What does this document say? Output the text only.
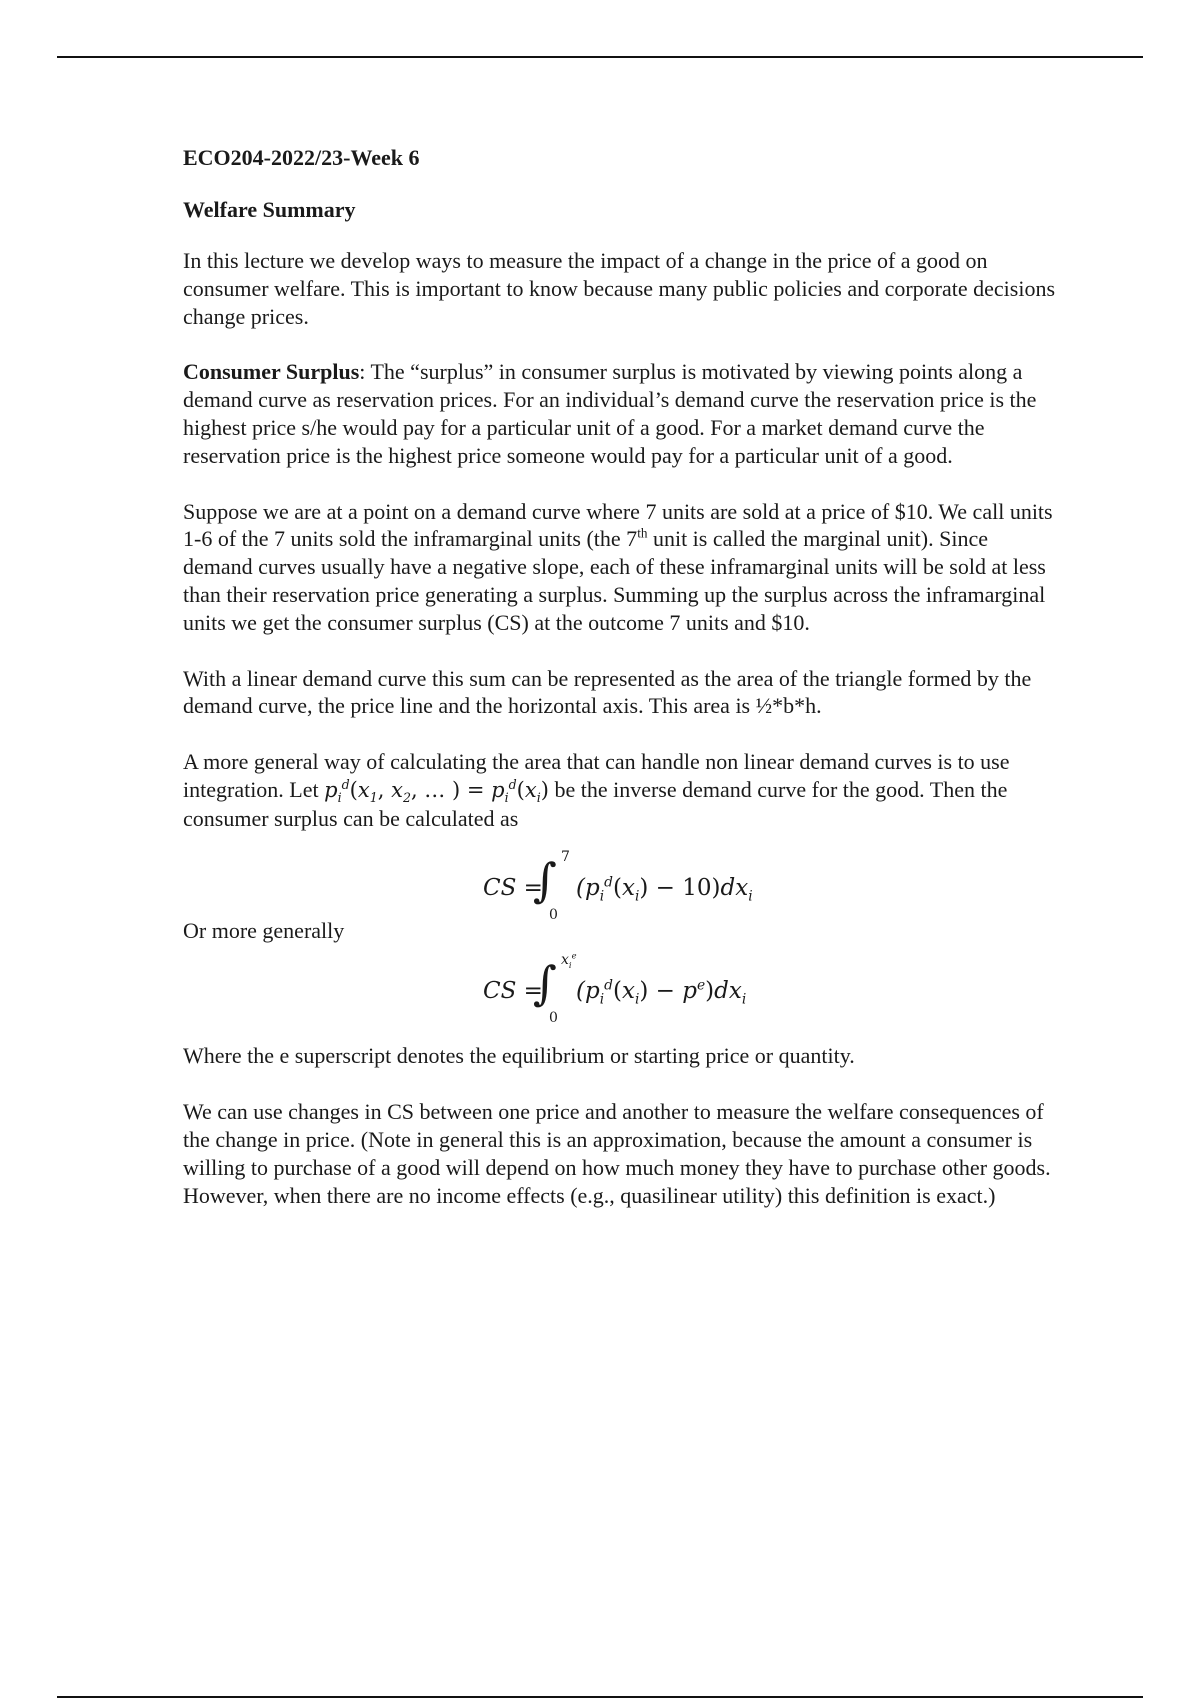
ECO204-2022/23-Week 6
Welfare Summary

In this lecture we develop ways to measure the impact of a change in the price of a good on consumer welfare. This is important to know because many public policies and corporate decisions change prices.

Consumer Surplus: The “surplus” in consumer surplus is motivated by viewing points along a demand curve as reservation prices. For an individual’s demand curve the reservation price is the highest price s/he would pay for a particular unit of a good. For a market demand curve the reservation price is the highest price someone would pay for a particular unit of a good.

Suppose we are at a point on a demand curve where 7 units are sold at a price of $10. We call units 1-6 of the 7 units sold the inframarginal units (the 7th unit is called the marginal unit). Since demand curves usually have a negative slope, each of these inframarginal units will be sold at less than their reservation price generating a surplus. Summing up the surplus across the inframarginal units we get the consumer surplus (CS) at the outcome 7 units and $10.

With a linear demand curve this sum can be represented as the area of the triangle formed by the demand curve, the price line and the horizontal axis. This area is ½*b*h.

A more general way of calculating the area that can handle non linear demand curves is to use integration. Let $p_i^d(x_1$, $x_2$, … ) = $p_i^d(x_i)$ be the inverse demand curve for the good. Then the consumer surplus can be calculated as

CS =
∫ 7
0
$(p_i^d(x_i) - 10)dx_i$

Or more generally

CS =
∫ $x_i^e$
0
$(p_i^d(x_i) - p^e)dx_i$

Where the e superscript denotes the equilibrium or starting price or quantity.

We can use changes in CS between one price and another to measure the welfare consequences of the change in price. (Note in general this is an approximation, because the amount a consumer is willing to purchase of a good will depend on how much money they have to purchase other goods. However, when there are no income effects (e.g., quasilinear utility) this definition is exact.)
